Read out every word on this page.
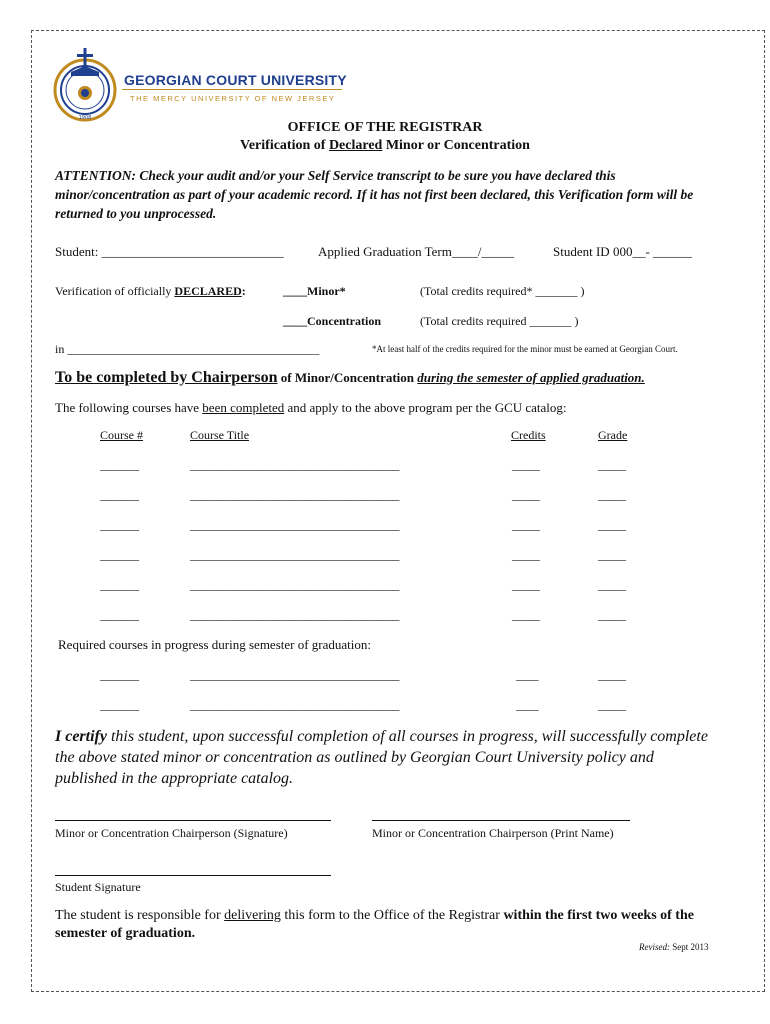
1908
GEORGIAN COURT UNIVERSITY
THE MERCY UNIVERSITY OF NEW JERSEY
OFFICE OF THE REGISTRAR
Verification of Declared Minor or Concentration
ATTENTION: Check your audit and/or your Self Service transcript to be sure you have declared this minor/concentration as part of your academic record. If it has not first been declared, this Verification form will be returned to you unprocessed.
Student: ____________________________	Applied Graduation Term____/_____	Student ID 000__- ______
Verification of officially DECLARED:	____Minor*	(Total credits required* _______ )
____Concentration	(Total credits required _______ )
in __________________________________________	*At least half of the credits required for the minor must be earned at Georgian Court.
To be completed by Chairperson of Minor/Concentration during the semester of applied graduation.
The following courses have been completed and apply to the above program per the GCU catalog:
Course #	Course Title	Credits	Grade
_______	______________________________________	_____	_____
_______	______________________________________	_____	_____
_______	______________________________________	_____	_____
_______	______________________________________	_____	_____
_______	______________________________________	_____	_____
_______	______________________________________	_____	_____
Required courses in progress during semester of graduation:
_______	______________________________________	____	_____
_______	______________________________________	____	_____
I certify this student, upon successful completion of all courses in progress, will successfully complete the above stated minor or concentration as outlined by Georgian Court University policy and published in the appropriate catalog.
Minor or Concentration Chairperson (Signature)	Minor or Concentration Chairperson (Print Name)
Student Signature
The student is responsible for delivering this form to the Office of the Registrar within the first two weeks of the semester of graduation.
Revised: Sept 2013
